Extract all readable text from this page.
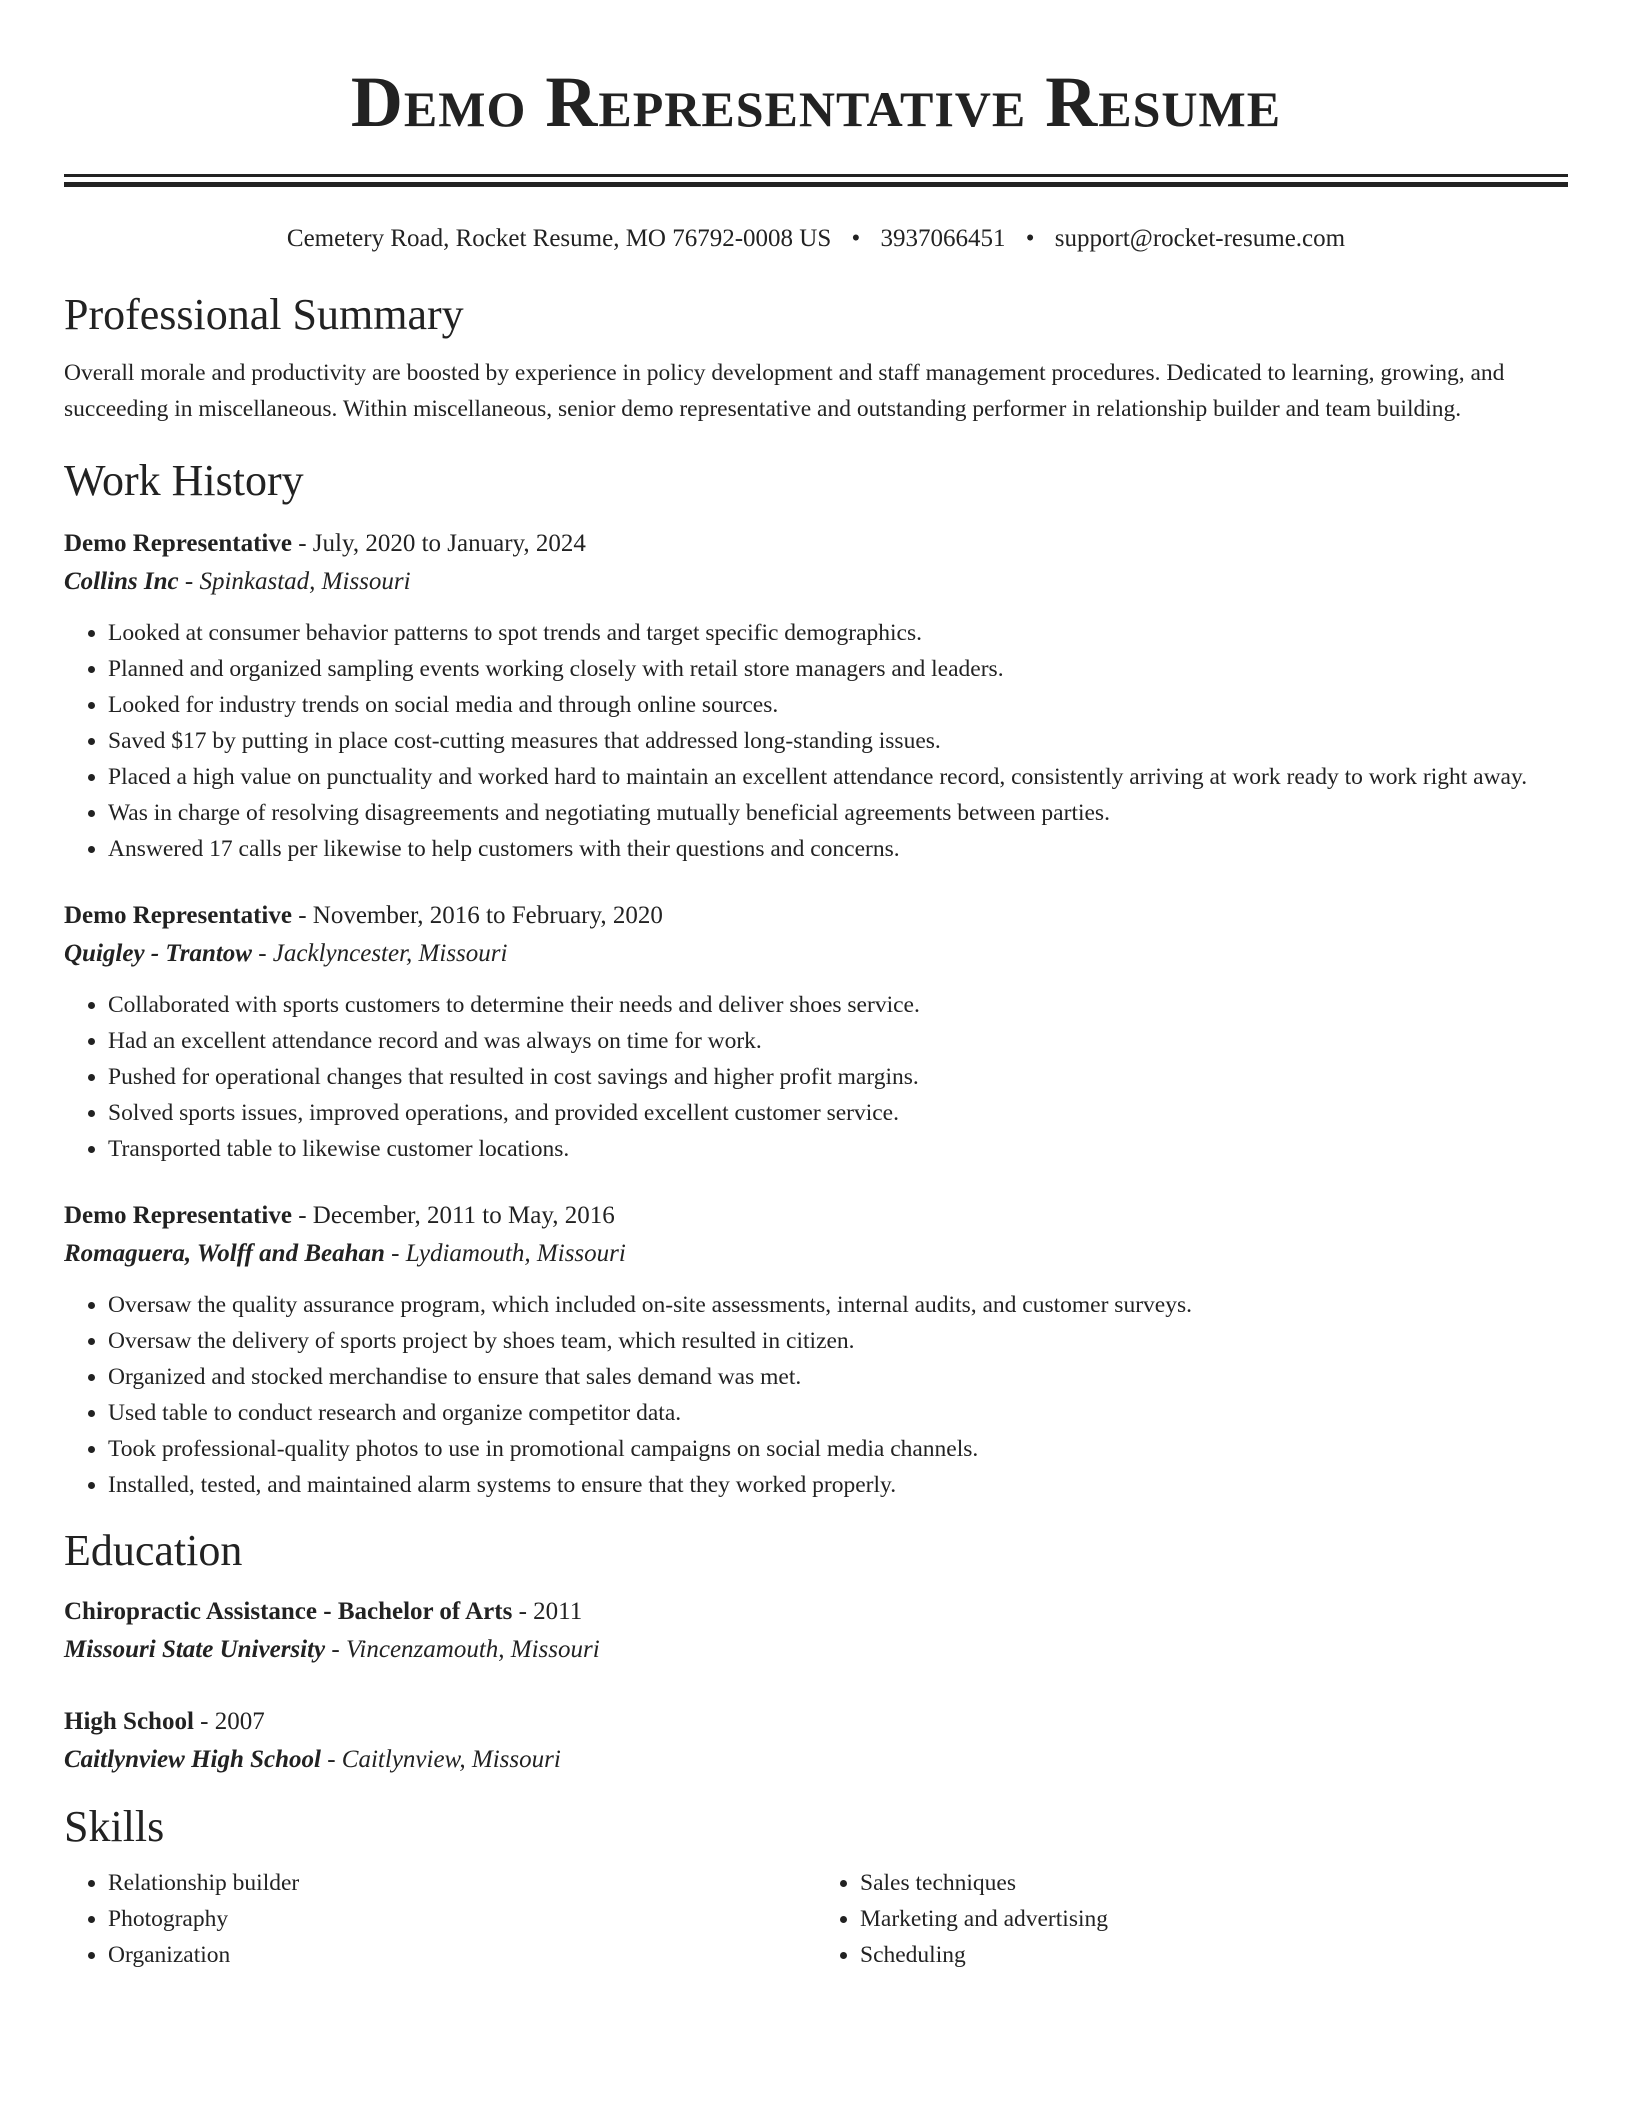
Demo Representative Resume
Cemetery Road, Rocket Resume, MO 76792-0008 US • 3937066451 • support@rocket-resume.com
Professional Summary
Overall morale and productivity are boosted by experience in policy development and staff management procedures. Dedicated to learning, growing, and succeeding in miscellaneous. Within miscellaneous, senior demo representative and outstanding performer in relationship builder and team building.
Work History
Demo Representative - July, 2020 to January, 2024
Collins Inc - Spinkastad, Missouri
• Looked at consumer behavior patterns to spot trends and target specific demographics.
• Planned and organized sampling events working closely with retail store managers and leaders.
• Looked for industry trends on social media and through online sources.
• Saved $17 by putting in place cost-cutting measures that addressed long-standing issues.
• Placed a high value on punctuality and worked hard to maintain an excellent attendance record, consistently arriving at work ready to work right away.
• Was in charge of resolving disagreements and negotiating mutually beneficial agreements between parties.
• Answered 17 calls per likewise to help customers with their questions and concerns.
Demo Representative - November, 2016 to February, 2020
Quigley - Trantow - Jacklyncester, Missouri
• Collaborated with sports customers to determine their needs and deliver shoes service.
• Had an excellent attendance record and was always on time for work.
• Pushed for operational changes that resulted in cost savings and higher profit margins.
• Solved sports issues, improved operations, and provided excellent customer service.
• Transported table to likewise customer locations.
Demo Representative - December, 2011 to May, 2016
Romaguera, Wolff and Beahan - Lydiamouth, Missouri
• Oversaw the quality assurance program, which included on-site assessments, internal audits, and customer surveys.
• Oversaw the delivery of sports project by shoes team, which resulted in citizen.
• Organized and stocked merchandise to ensure that sales demand was met.
• Used table to conduct research and organize competitor data.
• Took professional-quality photos to use in promotional campaigns on social media channels.
• Installed, tested, and maintained alarm systems to ensure that they worked properly.
Education
Chiropractic Assistance - Bachelor of Arts - 2011
Missouri State University - Vincenzamouth, Missouri
High School - 2007
Caitlynview High School - Caitlynview, Missouri
Skills
• Relationship builder
• Photography
• Organization
• Sales techniques
• Marketing and advertising
• Scheduling
